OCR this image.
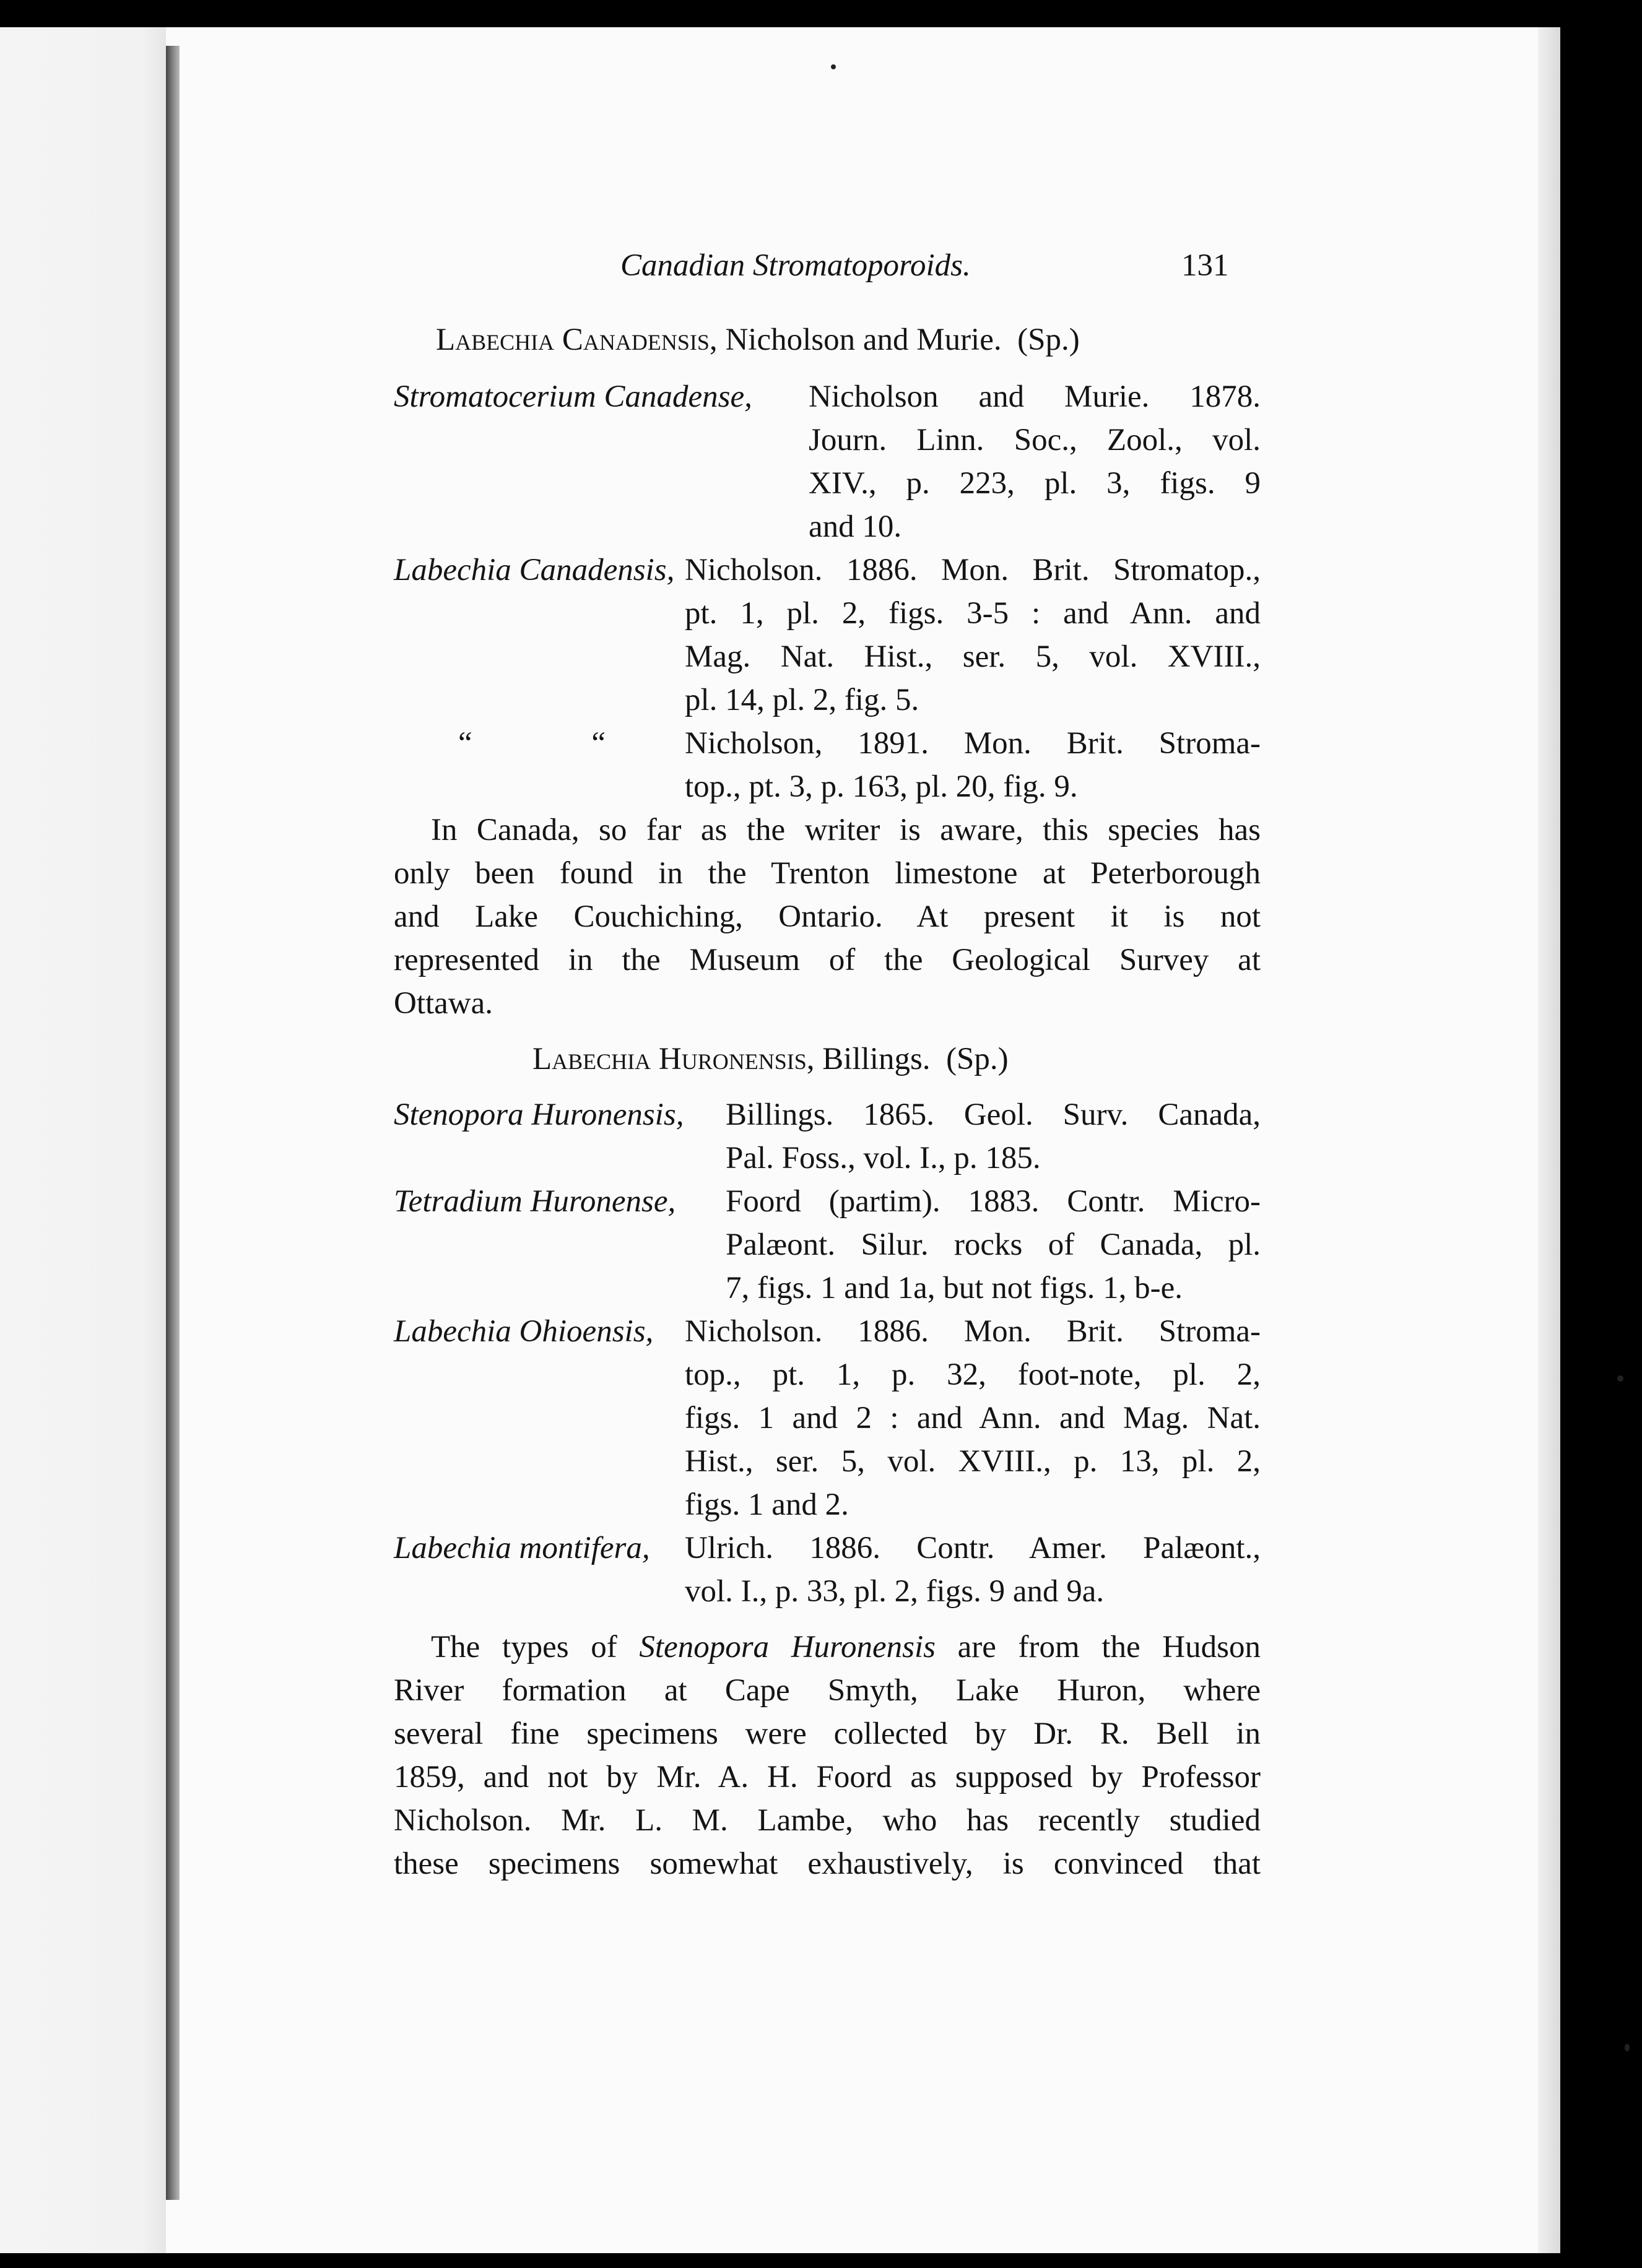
Canadian Stromatoporoids.	131
Labechia Canadensis, Nicholson and Murie. (Sp.)
Stromatocerium Canadense, Nicholson and Murie. 1878.
Journ. Linn. Soc., Zool., vol.
XIV., p. 223, pl. 3, figs. 9
and 10.
Labechia Canadensis, Nicholson. 1886. Mon. Brit. Stromatop.,
pt. 1, pl. 2, figs. 3-5 : and Ann. and
Mag. Nat. Hist., ser. 5, vol. XVIII.,
pl. 14, pl. 2, fig. 5.
“ “	Nicholson, 1891. Mon. Brit. Stroma-
top., pt. 3, p. 163, pl. 20, fig. 9.
In Canada, so far as the writer is aware, this species has
only been found in the Trenton limestone at Peterborough
and Lake Couchiching, Ontario. At present it is not
represented in the Museum of the Geological Survey at
Ottawa.
Labechia Huronensis, Billings. (Sp.)
Stenopora Huronensis, Billings. 1865. Geol. Surv. Canada,
Pal. Foss., vol. I., p. 185.
Tetradium Huronense, Foord (partim). 1883. Contr. Micro-
Palæont. Silur. rocks of Canada, pl.
7, figs. 1 and 1a, but not figs. 1, b-e.
Labechia Ohioensis, Nicholson. 1886. Mon. Brit. Stroma-
top., pt. 1, p. 32, foot-note, pl. 2,
figs. 1 and 2 : and Ann. and Mag. Nat.
Hist., ser. 5, vol. XVIII., p. 13, pl. 2,
figs. 1 and 2.
Labechia montifera, Ulrich. 1886. Contr. Amer. Palæont.,
vol. I., p. 33, pl. 2, figs. 9 and 9a.
The types of Stenopora Huronensis are from the Hudson
River formation at Cape Smyth, Lake Huron, where
several fine specimens were collected by Dr. R. Bell in
1859, and not by Mr. A. H. Foord as supposed by Professor
Nicholson. Mr. L. M. Lambe, who has recently studied
these specimens somewhat exhaustively, is convinced that
